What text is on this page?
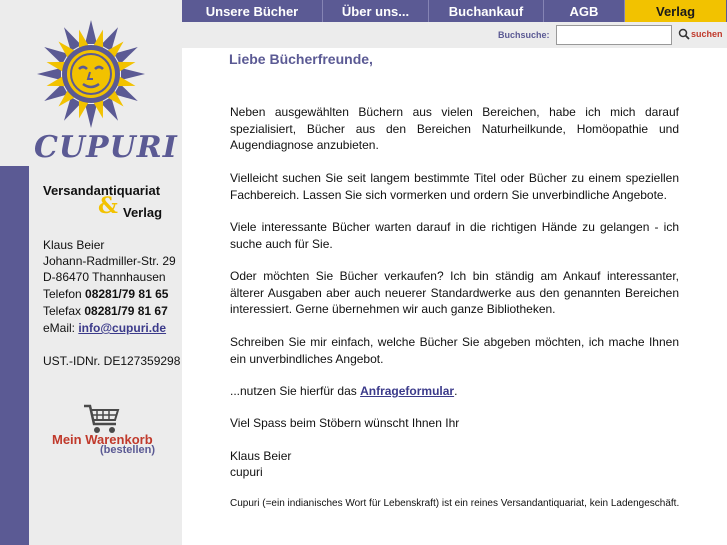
CUPURI
Versandantiquariat
& Verlag
Klaus Beier
Johann-Radmiller-Str. 29
D-86470 Thannhausen
Telefon 08281/79 81 65
Telefax 08281/79 81 67
eMail: info@cupuri.de
UST.-IDNr. DE127359298
Mein Warenkorb
(bestellen)
Unsere Bücher	Über uns...	Buchankauf	AGB	Verlag
Buchsuche:	suchen
Liebe Bücherfreunde,
Neben ausgewählten Büchern aus vielen Bereichen, habe ich mich darauf spezialisiert, Bücher aus den Bereichen Naturheilkunde, Homöopathie und Augendiagnose anzubieten.
Vielleicht suchen Sie seit langem bestimmte Titel oder Bücher zu einem speziellen Fachbereich. Lassen Sie sich vormerken und ordern Sie unverbindliche Angebote.
Viele interessante Bücher warten darauf in die richtigen Hände zu gelangen - ich suche auch für Sie.
Oder möchten Sie Bücher verkaufen? Ich bin ständig am Ankauf interessanter, älterer Ausgaben aber auch neuerer Standardwerke aus den genannten Bereichen interessiert. Gerne übernehmen wir auch ganze Bibliotheken.
Schreiben Sie mir einfach, welche Bücher Sie abgeben möchten, ich mache Ihnen ein unverbindliches Angebot.
...nutzen Sie hierfür das Anfrageformular.
Viel Spass beim Stöbern wünscht Ihnen Ihr
Klaus Beier
cupuri
Cupuri (=ein indianisches Wort für Lebenskraft) ist ein reines Versandantiquariat, kein Ladengeschäft.
